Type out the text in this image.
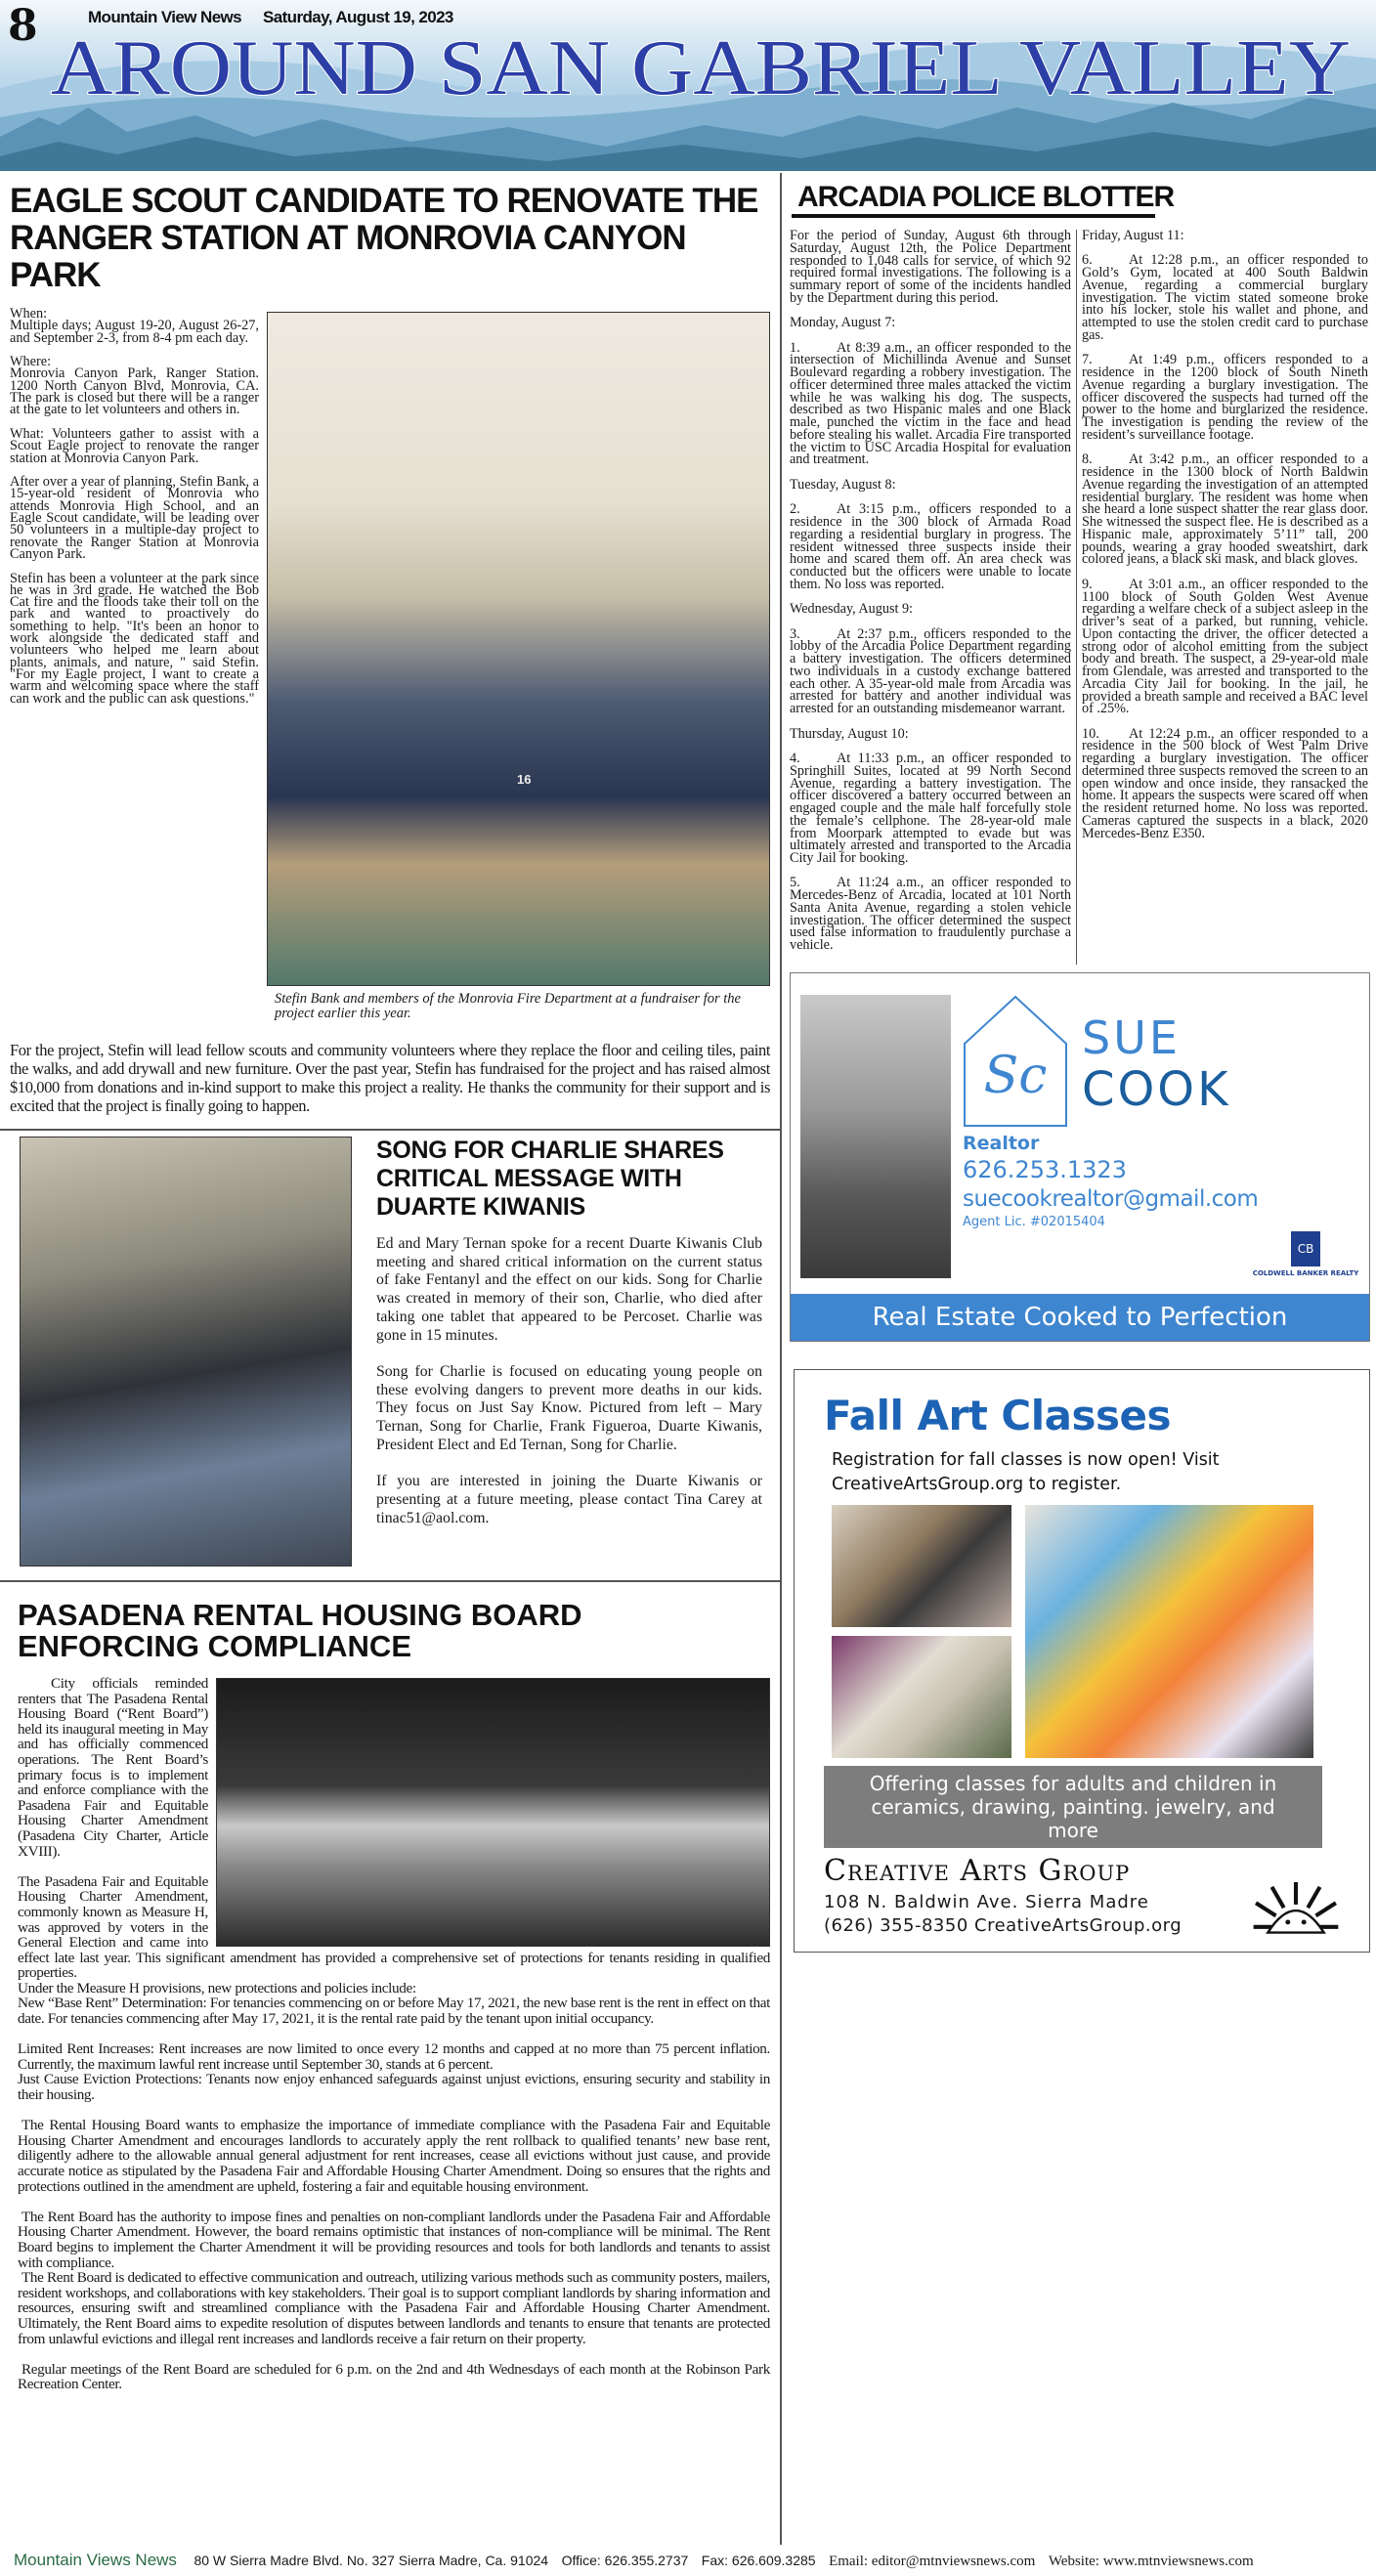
AROUND SAN GABRIEL VALLEY
8	Mountain View News Saturday, August 19, 2023
EAGLE SCOUT CANDIDATE TO RENOVATE THE RANGER STATION AT MONROVIA CANYON PARK
16

Stefin Bank and members of the Monrovia Fire Department at a fundraiser for the project earlier this year.

When:

Multiple days; August 19-20, August 26-27, and September 2-3, from 8-4 pm each day.

Where:

Monrovia Canyon Park, Ranger Station. 1200 North Canyon Blvd, Monrovia, CA. The park is closed but there will be a ranger at the gate to let volunteers and others in.

What: Volunteers gather to assist with a Scout Eagle project to renovate the ranger station at Monrovia Canyon Park.

After over a year of planning, Stefin Bank, a 15-year-old resident of Monrovia who attends Monrovia High School, and an Eagle Scout candidate, will be leading over 50 volunteers in a multiple-day project to renovate the Ranger Station at Monrovia Canyon Park.

Stefin has been a volunteer at the park since he was in 3rd grade. He watched the Bob Cat fire and the floods take their toll on the park and wanted to proactively do something to help. "It's been an honor to work alongside the dedicated staff and volunteers who helped me learn about plants, animals, and nature, " said Stefin. "For my Eagle project, I want to create a warm and welcoming space where the staff can work and the public can ask questions."

For the project, Stefin will lead fellow scouts and community volunteers where they replace the floor and ceiling tiles, paint the walks, and add drywall and new furniture. Over the past year, Stefin has fundraised for the project and has raised almost $10,000 from donations and in-kind support to make this project a reality. He thanks the community for their support and is excited that the project is finally going to happen.

SONG FOR CHARLIE SHARES CRITICAL MESSAGE WITH DUARTE KIWANIS

Ed and Mary Ternan spoke for a recent Duarte Kiwanis Club meeting and shared critical information on the current status of fake Fentanyl and the effect on our kids. Song for Charlie was created in memory of their son, Charlie, who died after taking one tablet that appeared to be Percoset. Charlie was gone in 15 minutes.

Song for Charlie is focused on educating young people on these evolving dangers to prevent more deaths in our kids. They focus on Just Say Know. Pictured from left – Mary Ternan, Song for Charlie, Frank Figueroa, Duarte Kiwanis, President Elect and Ed Ternan, Song for Charlie.

If you are interested in joining the Duarte Kiwanis or presenting at a future meeting, please contact Tina Carey at tinac51@aol.com.

PASADENA RENTAL HOUSING BOARD ENFORCING COMPLIANCE

City officials reminded renters that The Pasadena Rental Housing Board (“Rent Board”) held its inaugural meeting in May and has officially commenced operations. The Rent Board’s primary focus is to implement and enforce compliance with the Pasadena Fair and Equitable Housing Charter Amendment (Pasadena City Charter, Article XVIII).

The Pasadena Fair and Equitable Housing Charter Amendment, commonly known as Measure H, was approved by voters in the General Election and came into effect late last year. This significant amendment has provided a comprehensive set of protections for tenants residing in qualified properties.

Under the Measure H provisions, new protections and policies include:

New “Base Rent” Determination: For tenancies commencing on or before May 17, 2021, the new base rent is the rent in effect on that date. For tenancies commencing after May 17, 2021, it is the rental rate paid by the tenant upon initial occupancy.

Limited Rent Increases: Rent increases are now limited to once every 12 months and capped at no more than 75 percent inflation. Currently, the maximum lawful rent increase until September 30, stands at 6 percent.

Just Cause Eviction Protections: Tenants now enjoy enhanced safeguards against unjust evictions, ensuring security and stability in their housing.

The Rental Housing Board wants to emphasize the importance of immediate compliance with the Pasadena Fair and Equitable Housing Charter Amendment and encourages landlords to accurately apply the rent rollback to qualified tenants’ new base rent, diligently adhere to the allowable annual general adjustment for rent increases, cease all evictions without just cause, and provide accurate notice as stipulated by the Pasadena Fair and Affordable Housing Charter Amendment. Doing so ensures that the rights and protections outlined in the amendment are upheld, fostering a fair and equitable housing environment.

The Rent Board has the authority to impose fines and penalties on non-compliant landlords under the Pasadena Fair and Affordable Housing Charter Amendment. However, the board remains optimistic that instances of non-compliance will be minimal. The Rent Board begins to implement the Charter Amendment it will be providing resources and tools for both landlords and tenants to assist with compliance.

The Rent Board is dedicated to effective communication and outreach, utilizing various methods such as community posters, mailers, resident workshops, and collaborations with key stakeholders. Their goal is to support compliant landlords by sharing information and resources, ensuring swift and streamlined compliance with the Pasadena Fair and Affordable Housing Charter Amendment. Ultimately, the Rent Board aims to expedite resolution of disputes between landlords and tenants to ensure that tenants are protected from unlawful evictions and illegal rent increases and landlords receive a fair return on their property.

Regular meetings of the Rent Board are scheduled for 6 p.m. on the 2nd and 4th Wednesdays of each month at the Robinson Park Recreation Center.

ARCADIA POLICE BLOTTER

For the period of Sunday, August 6th through Saturday, August 12th, the Police Department responded to 1,048 calls for service, of which 92 required formal investigations. The following is a summary report of some of the incidents handled by the Department during this period.

Monday, August 7:

1.	At 8:39 a.m., an officer responded to the intersection of Michillinda Avenue and Sunset Boulevard regarding a robbery investigation. The officer determined three males attacked the victim while he was walking his dog. The suspects, described as two Hispanic males and one Black male, punched the victim in the face and head before stealing his wallet. Arcadia Fire transported the victim to USC Arcadia Hospital for evaluation and treatment.

Tuesday, August 8:

2.	At 3:15 p.m., officers responded to a residence in the 300 block of Armada Road regarding a residential burglary in progress. The resident witnessed three suspects inside their home and scared them off. An area check was conducted but the officers were unable to locate them. No loss was reported.

Wednesday, August 9:

3.	At 2:37 p.m., officers responded to the lobby of the Arcadia Police Department regarding a battery investigation. The officers determined two individuals in a custody exchange battered each other. A 35-year-old male from Arcadia was arrested for battery and another individual was arrested for an outstanding misdemeanor warrant.

Thursday, August 10:

4.	At 11:33 p.m., an officer responded to Springhill Suites, located at 99 North Second Avenue, regarding a battery investigation. The officer discovered a battery occurred between an engaged couple and the male half forcefully stole the female’s cellphone. The 28-year-old male from Moorpark attempted to evade but was ultimately arrested and transported to the Arcadia City Jail for booking.

5.	At 11:24 a.m., an officer responded to Mercedes-Benz of Arcadia, located at 101 North Santa Anita Avenue, regarding a stolen vehicle investigation. The officer determined the suspect used false information to fraudulently purchase a vehicle.

Friday, August 11:

6.	At 12:28 p.m., an officer responded to Gold’s Gym, located at 400 South Baldwin Avenue, regarding a commercial burglary investigation. The victim stated someone broke into his locker, stole his wallet and phone, and attempted to use the stolen credit card to purchase gas.

7.	At 1:49 p.m., officers responded to a residence in the 1200 block of South Nineth Avenue regarding a burglary investigation. The officer discovered the suspects had turned off the power to the home and burglarized the residence. The investigation is pending the review of the resident’s surveillance footage.

8.	At 3:42 p.m., an officer responded to a residence in the 1300 block of North Baldwin Avenue regarding the investigation of an attempted residential burglary. The resident was home when she heard a lone suspect shatter the rear glass door. She witnessed the suspect flee. He is described as a Hispanic male, approximately 5’11” tall, 200 pounds, wearing a gray hooded sweatshirt, dark colored jeans, a black ski mask, and black gloves.

9.	At 3:01 a.m., an officer responded to the 1100 block of South Golden West Avenue regarding a welfare check of a subject asleep in the driver’s seat of a parked, but running, vehicle. Upon contacting the driver, the officer detected a strong odor of alcohol emitting from the subject body and breath. The suspect, a 29-year-old male from Glendale, was arrested and transported to the Arcadia City Jail for booking. In the jail, he provided a breath sample and received a BAC level of .25%.

10. At 12:24 p.m., an officer responded to a residence in the 500 block of West Palm Drive regarding a burglary investigation. The officer determined three suspects removed the screen to an open window and once inside, they ransacked the home. It appears the suspects were scared off when the resident returned home. No loss was reported. Cameras captured the suspects in a black, 2020 Mercedes-Benz E350.

Sc
SUE
COOK
Realtor
626.253.1323
suecookrealtor@gmail.com
Agent Lic. #02015404
CB
COLDWELL BANKER REALTY
Real Estate Cooked to Perfection
Fall Art Classes
Registration for fall classes is now open! Visit CreativeArtsGroup.org to register.
Offering classes for adults and children in ceramics, drawing, painting. jewelry, and more
Creative Arts Group
108 N. Baldwin Ave. Sierra Madre
(626) 355-8350 CreativeArtsGroup.org
Mountain Views News 80 W Sierra Madre Blvd. No. 327 Sierra Madre, Ca. 91024 Office: 626.355.2737 Fax: 626.609.3285 Email: editor@mtnviewsnews.com Website: www.mtnviewsnews.com
